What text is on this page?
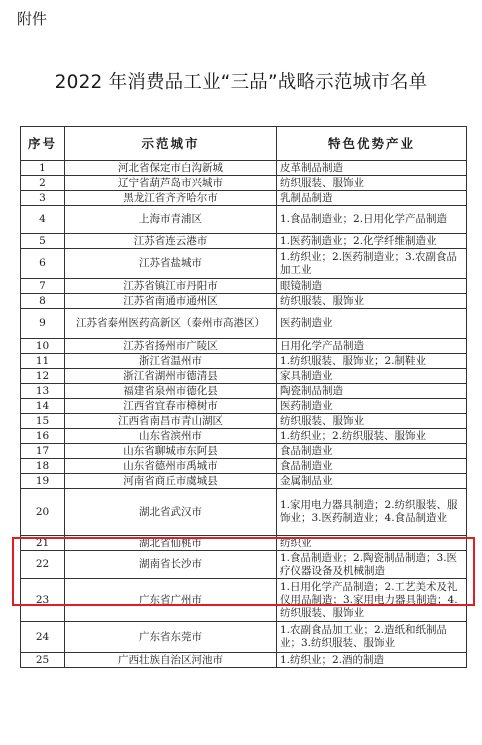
附件
2022 年消费品工业“三品”战略示范城市名单
序号	示范城市	特色优势产业
1	河北省保定市白沟新城	皮革制品制造
2	辽宁省葫芦岛市兴城市	纺织服装、服饰业
3	黑龙江省齐齐哈尔市	乳制品制造
4	上海市青浦区	1.食品制造业；2.日用化学产品制造
5	江苏省连云港市	1.医药制造业；2.化学纤维制造业
6	江苏省盐城市	1.纺织业；2.医药制造业；3.农副食品加工业
7	江苏省镇江市丹阳市	眼镜制造
8	江苏省南通市通州区	纺织服装、服饰业
9	江苏省泰州医药高新区（泰州市高港区）	医药制造业
10	江苏省扬州市广陵区	日用化学产品制造
11	浙江省温州市	1.纺织服装、服饰业；2.制鞋业
12	浙江省湖州市德清县	家具制造业
13	福建省泉州市德化县	陶瓷制品制造
14	江西省宜春市樟树市	医药制造业
15	江西省南昌市青山湖区	纺织服装、服饰业
16	山东省滨州市	1.纺织业；2.纺织服装、服饰业
17	山东省聊城市东阿县	食品制造业
18	山东省德州市禹城市	食品制造业
19	河南省商丘市虞城县	金属制品业
20	湖北省武汉市	1.家用电力器具制造；2.纺织服装、服饰业；3.医药制造业；4.食品制造业
21	湖北省仙桃市	纺织业
22	湖南省长沙市	1.食品制造业；2.陶瓷制品制造；3.医疗仪器设备及机械制造
23	广东省广州市	1.日用化学产品制造；2.工艺美术及礼仪用品制造；3.家用电力器具制造；4.纺织服装、服饰业
24	广东省东莞市	1.农副食品加工业；2.造纸和纸制品业；3.纺织服装、服饰业
25	广西壮族自治区河池市	1.纺织业；2.酒的制造
